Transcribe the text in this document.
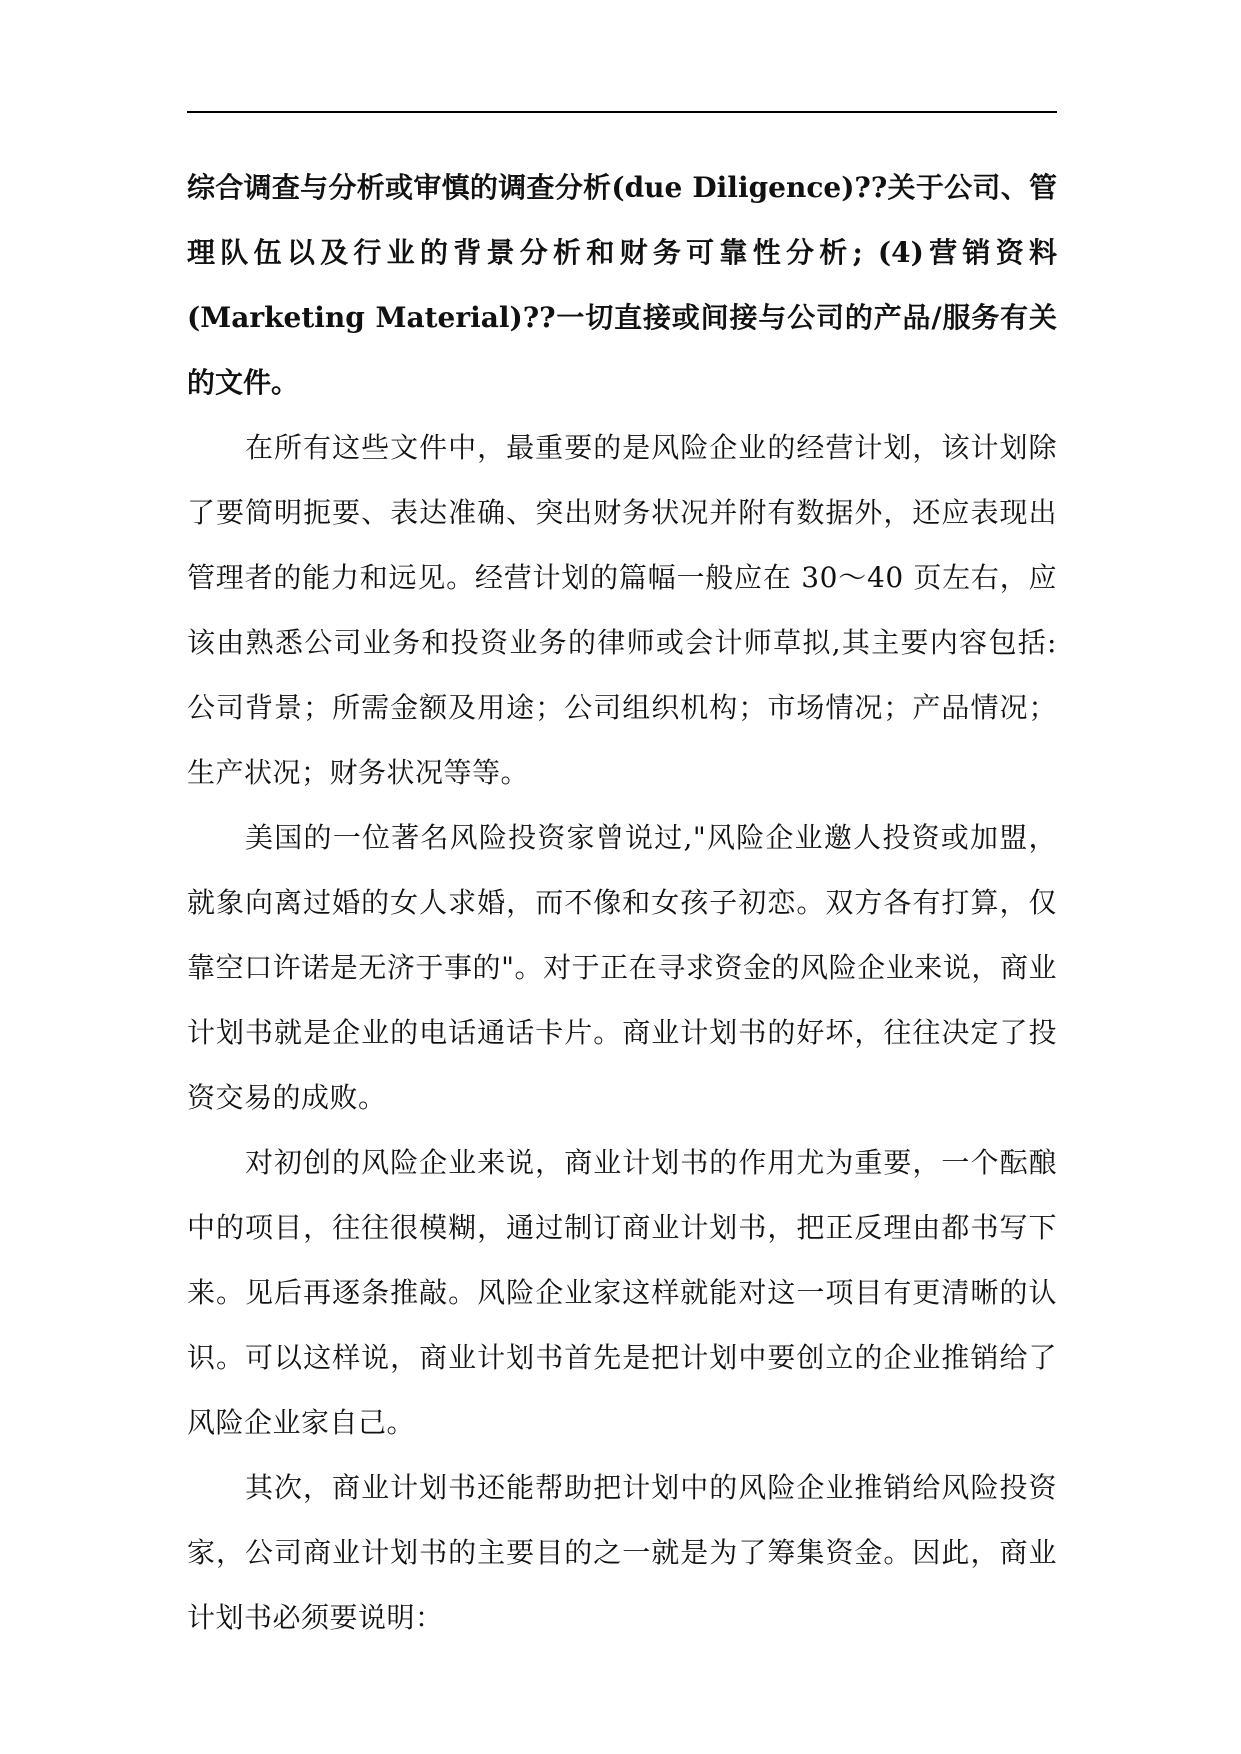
综合调查与分析或审慎的调查分析(due Diligence)??关于公司、管理队伍以及行业的背景分析和财务可靠性分析; (4)营销资料(Marketing Material)??一切直接或间接与公司的产品/服务有关的文件。

在所有这些文件中，最重要的是风险企业的经营计划，该计划除了要简明扼要、表达准确、突出财务状况并附有数据外，还应表现出管理者的能力和远见。经营计划的篇幅一般应在 30～40 页左右，应该由熟悉公司业务和投资业务的律师或会计师草拟,其主要内容包括:公司背景；所需金额及用途；公司组织机构；市场情况；产品情况；生产状况；财务状况等等。

美国的一位著名风险投资家曾说过,"风险企业邀人投资或加盟，就象向离过婚的女人求婚，而不像和女孩子初恋。双方各有打算，仅靠空口许诺是无济于事的"。对于正在寻求资金的风险企业来说，商业计划书就是企业的电话通话卡片。商业计划书的好坏，往往决定了投资交易的成败。

对初创的风险企业来说，商业计划书的作用尤为重要，一个酝酿中的项目，往往很模糊，通过制订商业计划书，把正反理由都书写下来。见后再逐条推敲。风险企业家这样就能对这一项目有更清晰的认识。可以这样说，商业计划书首先是把计划中要创立的企业推销给了风险企业家自己。

其次，商业计划书还能帮助把计划中的风险企业推销给风险投资家，公司商业计划书的主要目的之一就是为了筹集资金。因此，商业计划书必须要说明：
